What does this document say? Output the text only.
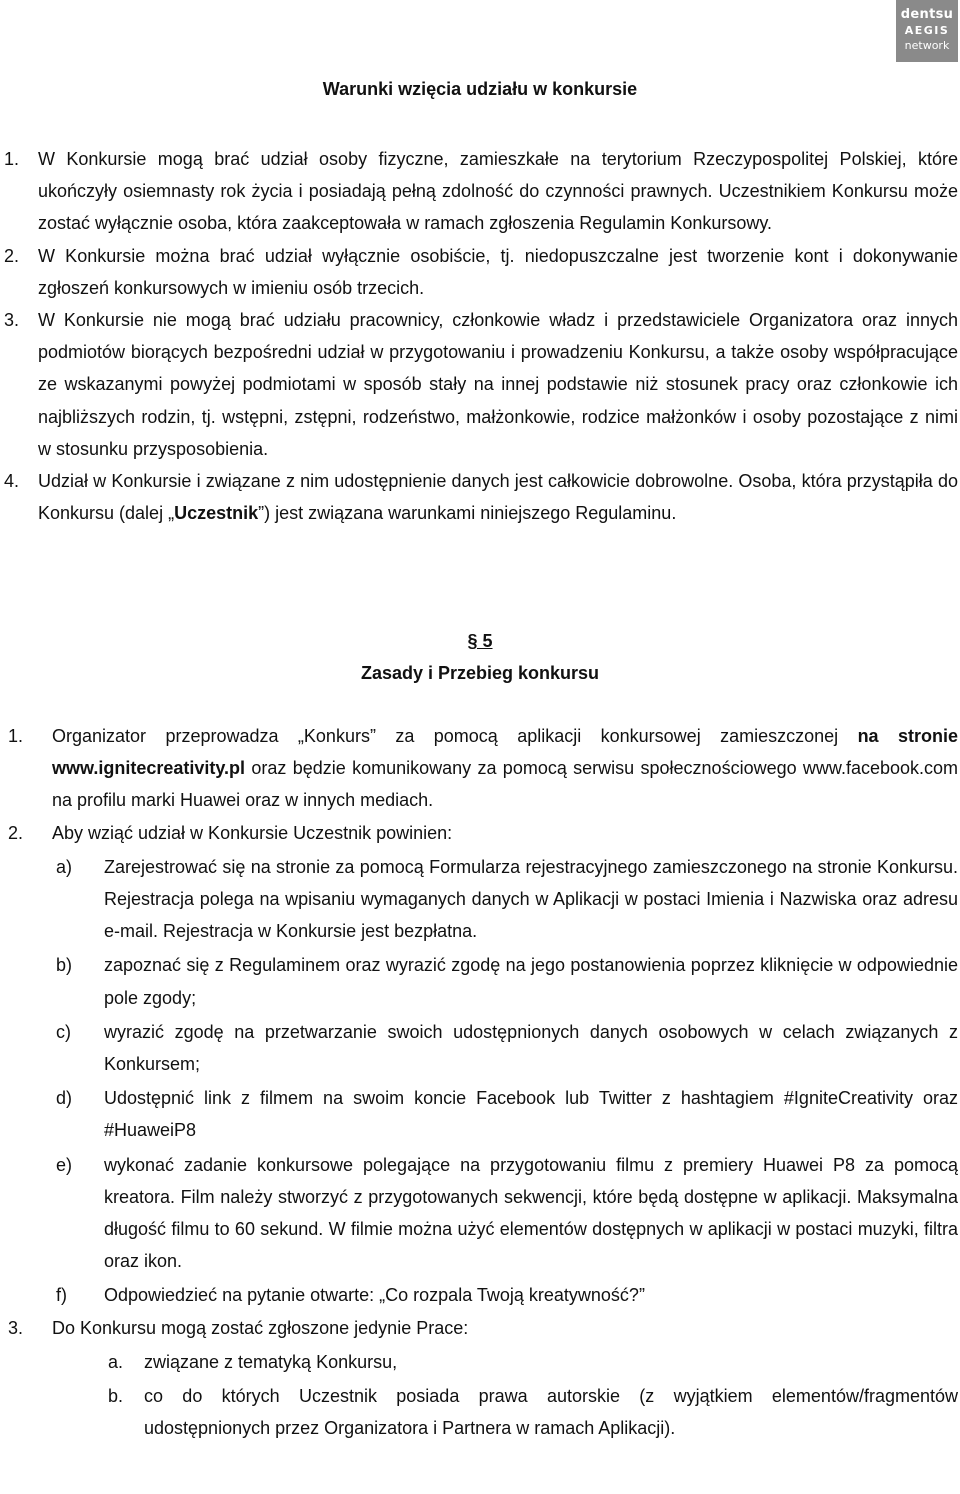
dentsu
AEGIS
network
Warunki wzięcia udziału w konkursie
1. W Konkursie mogą brać udział osoby fizyczne, zamieszkałe na terytorium Rzeczypospolitej Polskiej, które ukończyły osiemnasty rok życia i posiadają pełną zdolność do czynności prawnych. Uczestnikiem Konkursu może zostać wyłącznie osoba, która zaakceptowała w ramach zgłoszenia Regulamin Konkursowy.
2. W Konkursie można brać udział wyłącznie osobiście, tj. niedopuszczalne jest tworzenie kont i dokonywanie zgłoszeń konkursowych w imieniu osób trzecich.
3. W Konkursie nie mogą brać udziału pracownicy, członkowie władz i przedstawiciele Organizatora oraz innych podmiotów biorących bezpośredni udział w przygotowaniu i prowadzeniu Konkursu, a także osoby współpracujące ze wskazanymi powyżej podmiotami w sposób stały na innej podstawie niż stosunek pracy oraz członkowie ich najbliższych rodzin, tj. wstępni, zstępni, rodzeństwo, małżonkowie, rodzice małżonków i osoby pozostające z nimi w stosunku przysposobienia.
4. Udział w Konkursie i związane z nim udostępnienie danych jest całkowicie dobrowolne. Osoba, która przystąpiła do Konkursu (dalej „Uczestnik”) jest związana warunkami niniejszego Regulaminu.
§ 5
Zasady i Przebieg konkursu
1. Organizator przeprowadza „Konkurs” za pomocą aplikacji konkursowej zamieszczonej na stronie www.ignitecreativity.pl oraz będzie komunikowany za pomocą serwisu społecznościowego www.facebook.com na profilu marki Huawei oraz w innych mediach.
2. Aby wziąć udział w Konkursie Uczestnik powinien:
a) Zarejestrować się na stronie za pomocą Formularza rejestracyjnego zamieszczonego na stronie Konkursu. Rejestracja polega na wpisaniu wymaganych danych w Aplikacji w postaci Imienia i Nazwiska oraz adresu e-mail. Rejestracja w Konkursie jest bezpłatna.
b) zapoznać się z Regulaminem oraz wyrazić zgodę na jego postanowienia poprzez kliknięcie w odpowiednie pole zgody;
c) wyrazić zgodę na przetwarzanie swoich udostępnionych danych osobowych w celach związanych z Konkursem;
d) Udostępnić link z filmem na swoim koncie Facebook lub Twitter z hashtagiem #IgniteCreativity oraz #HuaweiP8
e) wykonać zadanie konkursowe polegające na przygotowaniu filmu z premiery Huawei P8 za pomocą kreatora. Film należy stworzyć z przygotowanych sekwencji, które będą dostępne w aplikacji. Maksymalna długość filmu to 60 sekund. W filmie można użyć elementów dostępnych w aplikacji w postaci muzyki, filtra oraz ikon.
f) Odpowiedzieć na pytanie otwarte: „Co rozpala Twoją kreatywność?”
3. Do Konkursu mogą zostać zgłoszone jedynie Prace:
a. związane z tematyką Konkursu,
b. co do których Uczestnik posiada prawa autorskie (z wyjątkiem elementów/fragmentów udostępnionych przez Organizatora i Partnera w ramach Aplikacji).
